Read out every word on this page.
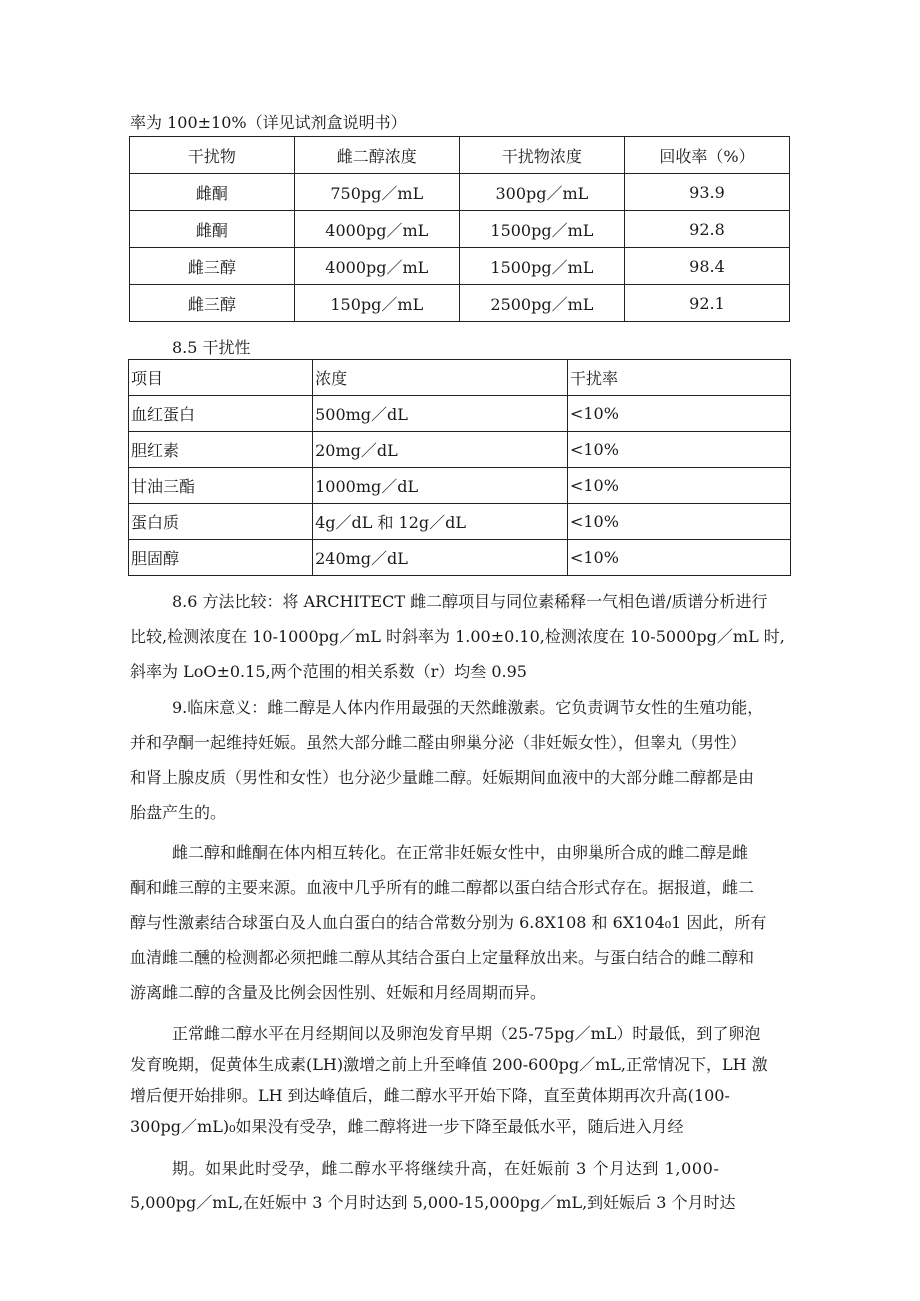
率为 100±10%（详见试剂盒说明书）
干扰物	雌二醇浓度	干扰物浓度	回收率（%）
雌酮	750pg／mL	300pg／mL	93.9
雌酮	4000pg／mL	1500pg／mL	92.8
雌三醇	4000pg／mL	1500pg／mL	98.4
雌三醇	150pg／mL	2500pg／mL	92.1
8.5 干扰性
项目	浓度	干扰率
血红蛋白	500mg／dL	<10%
胆红素	20mg／dL	<10%
甘油三酯	1000mg／dL	<10%
蛋白质	4g／dL 和 12g／dL	<10%
胆固醇	240mg／dL	<10%
8.6 方法比较：将 ARCHITECT 雌二醇项目与同位素稀释一气相色谱/质谱分析进行
比较,检测浓度在 10-1000pg／mL 时斜率为 1.00±0.10,检测浓度在 10-5000pg／mL 时,
斜率为 LoO±0.15,两个范围的相关系数（r）均叁 0.95
9.临床意义：雌二醇是人体内作用最强的天然雌激素。它负责调节女性的生殖功能，
并和孕酮一起维持妊娠。虽然大部分雌二醛由卵巢分泌（非妊娠女性），但睾丸（男性）
和肾上腺皮质（男性和女性）也分泌少量雌二醇。妊娠期间血液中的大部分雌二醇都是由
胎盘产生的。
雌二醇和雌酮在体内相互转化。在正常非妊娠女性中，由卵巢所合成的雌二醇是雌
酮和雌三醇的主要来源。血液中几乎所有的雌二醇都以蛋白结合形式存在。据报道，雌二
醇与性激素结合球蛋白及人血白蛋白的结合常数分别为 6.8X108 和 6X104₀1 因此，所有
血清雌二醺的检测都必须把雌二醇从其结合蛋白上定量释放出来。与蛋白结合的雌二醇和
游离雌二醇的含量及比例会因性别、妊娠和月经周期而异。
正常雌二醇水平在月经期间以及卵泡发育早期（25-75pg／mL）时最低，到了卵泡
发育晚期，促黄体生成素(LH)激增之前上升至峰值 200-600pg／mL,正常情况下，LH 激
增后便开始排卵。LH 到达峰值后，雌二醇水平开始下降，直至黄体期再次升高(100-
300pg／mL)₀如果没有受孕，雌二醇将进一步下降至最低水平，随后进入月经
期。如果此时受孕，雌二醇水平将继续升高，在妊娠前 3 个月达到 1,000-
5,000pg／mL,在妊娠中 3 个月时达到 5,000-15,000pg／mL,到妊娠后 3 个月时达
